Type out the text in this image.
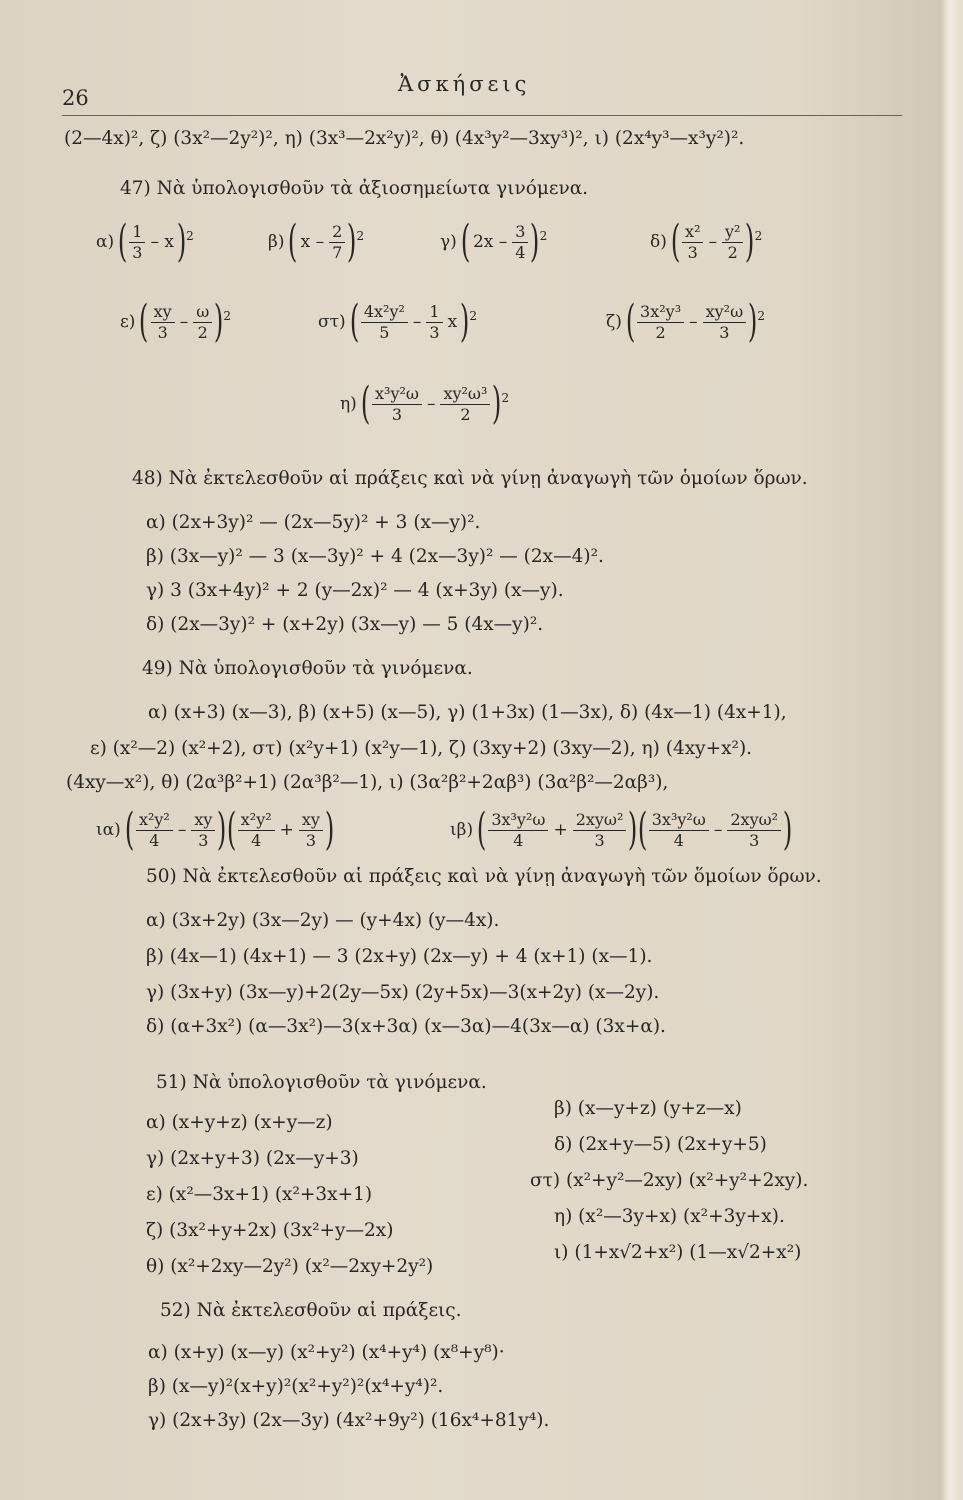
26
Ἀσκήσεις
(2—4x)², ζ) (3x²—2y²)², η) (3x³—2x²y)², θ) (4x³y²—3xy³)², ι) (2x⁴y³—x³y²)².
47) Νὰ ὑπολογισθοῦν τὰ ἀξιοσημείωτα γινόμενα.
α) ( $\frac{1}{3}$ – x ) 2	β) ( x – $\frac{2}{7}$ ) 2	γ) ( $2x - \frac{3}{4}$ ) 2	δ) ( $\frac{\text{x²}}{3} - \frac{\text{y²}}{2}$ ) 2
ε) ( $\frac{xy}{3} - \frac{\omega}{2}$ ) 2	στ) ( $\frac{\text{4x²y²}}{5} - \frac{1}{3}$ x ) 2	ζ) ( $\frac{\text{3x²y³}}{2} - \frac{\text{xy²ω}}{3}$ ) 2
η) ( $\frac{\text{x³y²ω}}{3} - \frac{\text{xy²ω³}}{2}$ ) 2
48) Νὰ ἐκτελεσθοῦν αἱ πράξεις καὶ νὰ γίνῃ ἀναγωγὴ τῶν ὁμοίων ὅρων.
α) (2x+3y)² — (2x—5y)² + 3 (x—y)².
β) (3x—y)² — 3 (x—3y)² + 4 (2x—3y)² — (2x—4)².
γ) 3 (3x+4y)² + 2 (y—2x)² — 4 (x+3y) (x—y).
δ) (2x—3y)² + (x+2y) (3x—y) — 5 (4x—y)².
49) Νὰ ὑπολογισθοῦν τὰ γινόμενα.
α) (x+3) (x—3), β) (x+5) (x—5), γ) (1+3x) (1—3x), δ) (4x—1) (4x+1),
ε) (x²—2) (x²+2), στ) (x²y+1) (x²y—1), ζ) (3xy+2) (3xy—2), η) (4xy+x²).
(4xy—x²), θ) (2α³β²+1) (2α³β²—1), ι) (3α²β²+2αβ³) (3α²β²—2αβ³),
ια) ( $\frac{\text{x²y²}}{4} - \frac{xy}{3}$ ) ( $\frac{\text{x²y²}}{4} + \frac{xy}{3}$ )	ιβ) ( $\frac{\text{3x³y²ω}}{4} + \frac{\text{2xyω²}}{3}$ ) ( $\frac{\text{3x³y²ω}}{4} - \frac{\text{2xyω²}}{3}$ )
50) Νὰ ἐκτελεσθοῦν αἱ πράξεις καὶ νὰ γίνῃ ἀναγωγὴ τῶν ὅμοίων ὅρων.
α) (3x+2y) (3x—2y) — (y+4x) (y—4x).
β) (4x—1) (4x+1) — 3 (2x+y) (2x—y) + 4 (x+1) (x—1).
γ) (3x+y) (3x—y)+2(2y—5x) (2y+5x)—3(x+2y) (x—2y).
δ) (α+3x²) (α—3x²)—3(x+3α) (x—3α)—4(3x—α) (3x+α).
51) Νὰ ὑπολογισθοῦν τὰ γινόμενα.
α) (x+y+z) (x+y—z)
β) (x—y+z) (y+z—x)
γ) (2x+y+3) (2x—y+3)
δ) (2x+y—5) (2x+y+5)
ε) (x²—3x+1) (x²+3x+1)
στ) (x²+y²—2xy) (x²+y²+2xy).
ζ) (3x²+y+2x) (3x²+y—2x)
η) (x²—3y+x) (x²+3y+x).
θ) (x²+2xy—2y²) (x²—2xy+2y²)
ι) (1+x√2+x²) (1—x√2+x²)
52) Νὰ ἐκτελεσθοῦν αἱ πράξεις.
α) (x+y) (x—y) (x²+y²) (x⁴+y⁴) (x⁸+y⁸)·
β) (x—y)²(x+y)²(x²+y²)²(x⁴+y⁴)².
γ) (2x+3y) (2x—3y) (4x²+9y²) (16x⁴+81y⁴).
